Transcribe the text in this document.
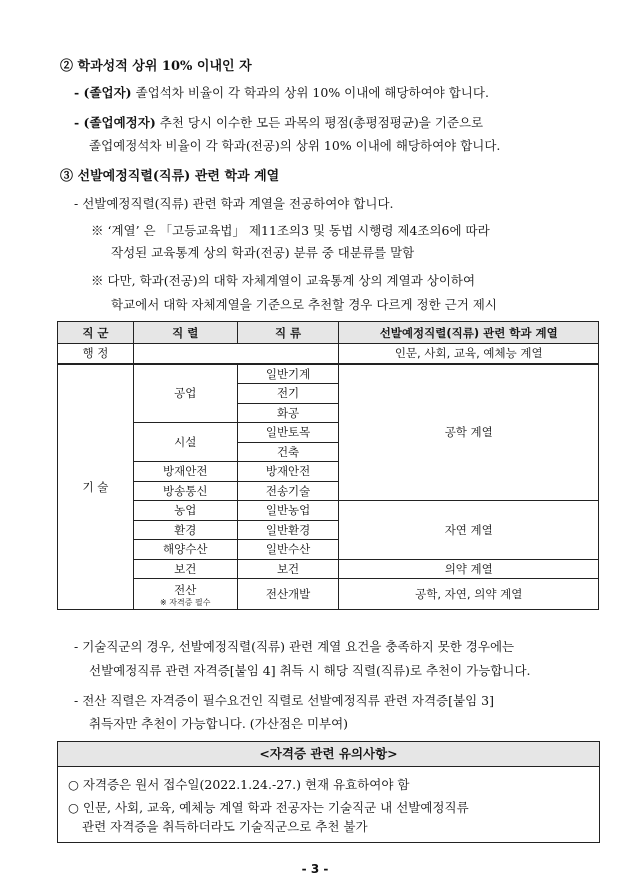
② 학과성적 상위 10% 이내인 자
- (졸업자) 졸업석차 비율이 각 학과의 상위 10% 이내에 해당하여야 합니다.
- (졸업예정자) 추천 당시 이수한 모든 과목의 평점(총평점평균)을 기준으로
졸업예정석차 비율이 각 학과(전공)의 상위 10% 이내에 해당하여야 합니다.
③ 선발예정직렬(직류) 관련 학과 계열
- 선발예정직렬(직류) 관련 학과 계열을 전공하여야 합니다.
※ ‘계열’ 은 「고등교육법」 제11조의3 및 동법 시행령 제4조의6에 따라
작성된 교육통계 상의 학과(전공) 분류 중 대분류를 말함
※ 다만, 학과(전공)의 대학 자체계열이 교육통계 상의 계열과 상이하여
학교에서 대학 자체계열을 기준으로 추천할 경우 다르게 정한 근거 제시
직 군	직 렬	직 류	선발예정직렬(직류) 관련 학과 계열
행 정			인문, 사회, 교육, 예체능 계열
기 술	공업	일반기계	공학 계열
		전기	
		화공	
	시설	일반토목	
		건축	
	방재안전	방재안전	
	방송통신	전송기술	
	농업	일반농업	자연 계열
	환경	일반환경	
	해양수산	일반수산	
	보건	보건	의약 계열
	전산
※ 자격증 필수	전산개발	공학, 자연, 의약 계열
- 기술직군의 경우, 선발예정직렬(직류) 관련 계열 요건을 충족하지 못한 경우에는
선발예정직류 관련 자격증[붙임 4] 취득 시 해당 직렬(직류)로 추천이 가능합니다.
- 전산 직렬은 자격증이 필수요건인 직렬로 선발예정직류 관련 자격증[붙임 3]
취득자만 추천이 가능합니다. (가산점은 미부여)
<자격증 관련 유의사항>
○ 자격증은 원서 접수일(2022.1.24.-27.) 현재 유효하여야 함
○ 인문, 사회, 교육, 예체능 계열 학과 전공자는 기술직군 내 선발예정직류
관련 자격증을 취득하더라도 기술직군으로 추천 불가
- 3 -
